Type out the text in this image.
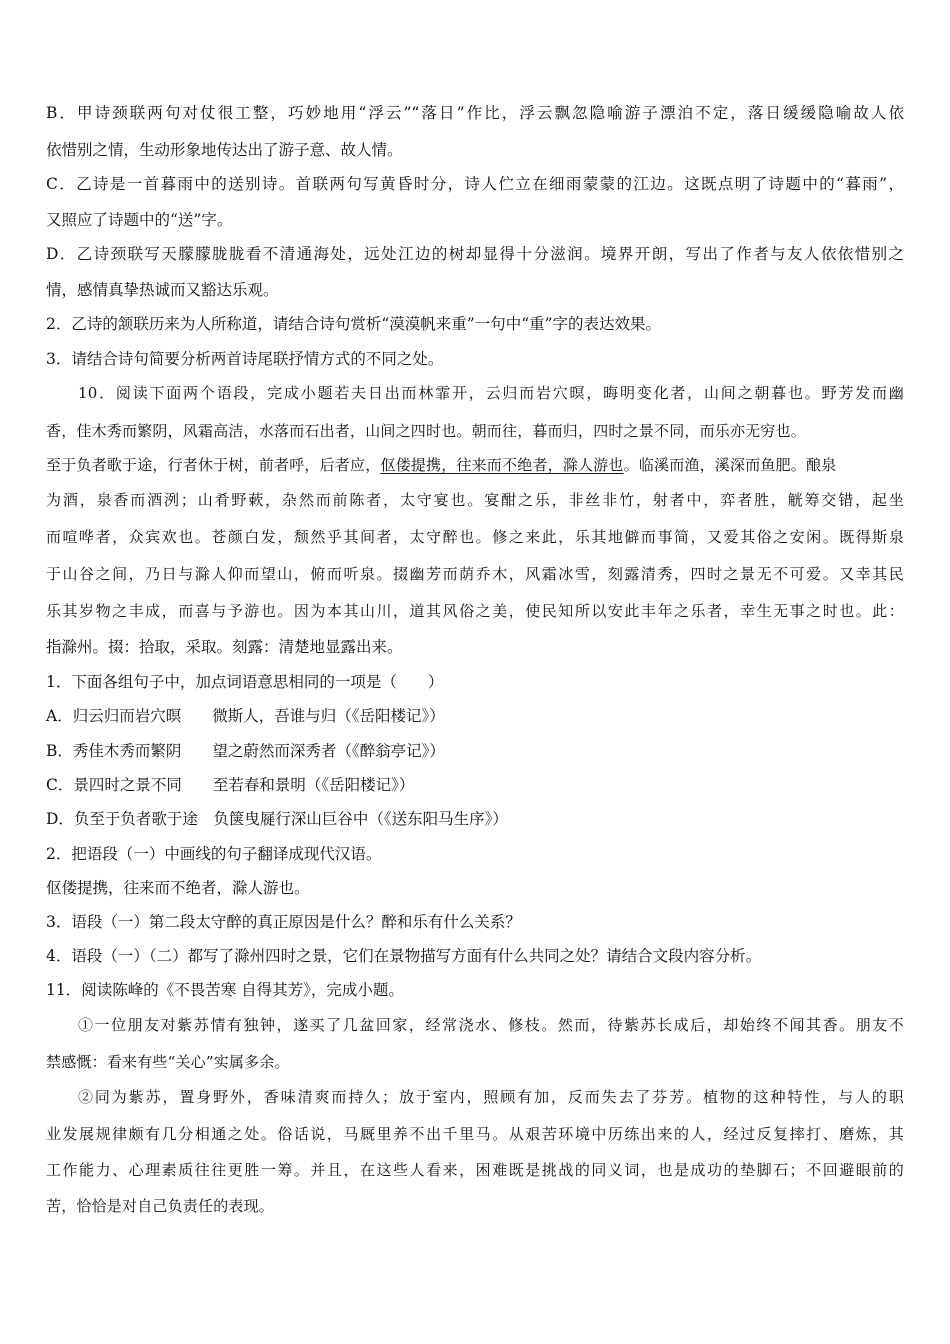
B．甲诗颈联两句对仗很工整，巧妙地用“浮云”“落日”作比，浮云飘忽隐喻游子漂泊不定，落日缓缓隐喻故人依
依惜别之情，生动形象地传达出了游子意、故人情。
C．乙诗是一首暮雨中的送别诗。首联两句写黄昏时分，诗人伫立在细雨蒙蒙的江边。这既点明了诗题中的“暮雨”，
又照应了诗题中的“送”字。
D．乙诗颈联写天朦朦胧胧看不清通海处，远处江边的树却显得十分滋润。境界开朗，写出了作者与友人依依惜别之
情，感情真挚热诚而又豁达乐观。
2．乙诗的颔联历来为人所称道，请结合诗句赏析“漠漠帆来重”一句中“重”字的表达效果。
3．请结合诗句简要分析两首诗尾联抒情方式的不同之处。
10．阅读下面两个语段，完成小题若夫日出而林霏开，云归而岩穴暝，晦明变化者，山间之朝暮也。野芳发而幽
香，佳木秀而繁阴，风霜高洁，水落而石出者，山间之四时也。朝而往，暮而归，四时之景不同，而乐亦无穷也。
至于负者歌于途，行者休于树，前者呼，后者应，伛偻提携，往来而不绝者，滁人游也。临溪而渔，溪深而鱼肥。酿泉
为酒，泉香而酒洌；山肴野蔌，杂然而前陈者，太守宴也。宴酣之乐，非丝非竹，射者中，弈者胜，觥筹交错，起坐
而喧哗者，众宾欢也。苍颜白发，颓然乎其间者，太守醉也。修之来此，乐其地僻而事简，又爱其俗之安闲。既得斯泉
于山谷之间，乃日与滁人仰而望山，俯而听泉。掇幽芳而荫乔木，风霜冰雪，刻露清秀，四时之景无不可爱。又幸其民
乐其岁物之丰成，而喜与予游也。因为本其山川，道其风俗之美，使民知所以安此丰年之乐者，幸生无事之时也。此：
指滁州。掇：拾取，采取。刻露：清楚地显露出来。
1．下面各组句子中，加点词语意思相同的一项是（　　）
A．归云归而岩穴暝　　微斯人，吾谁与归（《岳阳楼记》）
B．秀佳木秀而繁阴　　望之蔚然而深秀者（《醉翁亭记》）
C．景四时之景不同　　至若春和景明（《岳阳楼记》）
D．负至于负者歌于途　负箧曳屣行深山巨谷中（《送东阳马生序》）
2．把语段（一）中画线的句子翻译成现代汉语。
伛偻提携，往来而不绝者，滁人游也。
3．语段（一）第二段太守醉的真正原因是什么？醉和乐有什么关系？
4．语段（一）（二）都写了滁州四时之景，它们在景物描写方面有什么共同之处？请结合文段内容分析。
11．阅读陈峰的《不畏苦寒 自得其芳》，完成小题。
①一位朋友对紫苏情有独钟，遂买了几盆回家，经常浇水、修枝。然而，待紫苏长成后，却始终不闻其香。朋友不
禁感慨：看来有些“关心”实属多余。
②同为紫苏，置身野外，香味清爽而持久；放于室内，照顾有加，反而失去了芬芳。植物的这种特性，与人的职
业发展规律颇有几分相通之处。俗话说，马厩里养不出千里马。从艰苦环境中历练出来的人，经过反复摔打、磨炼，其
工作能力、心理素质往往更胜一筹。并且，在这些人看来，困难既是挑战的同义词，也是成功的垫脚石；不回避眼前的
苦，恰恰是对自己负责任的表现。
